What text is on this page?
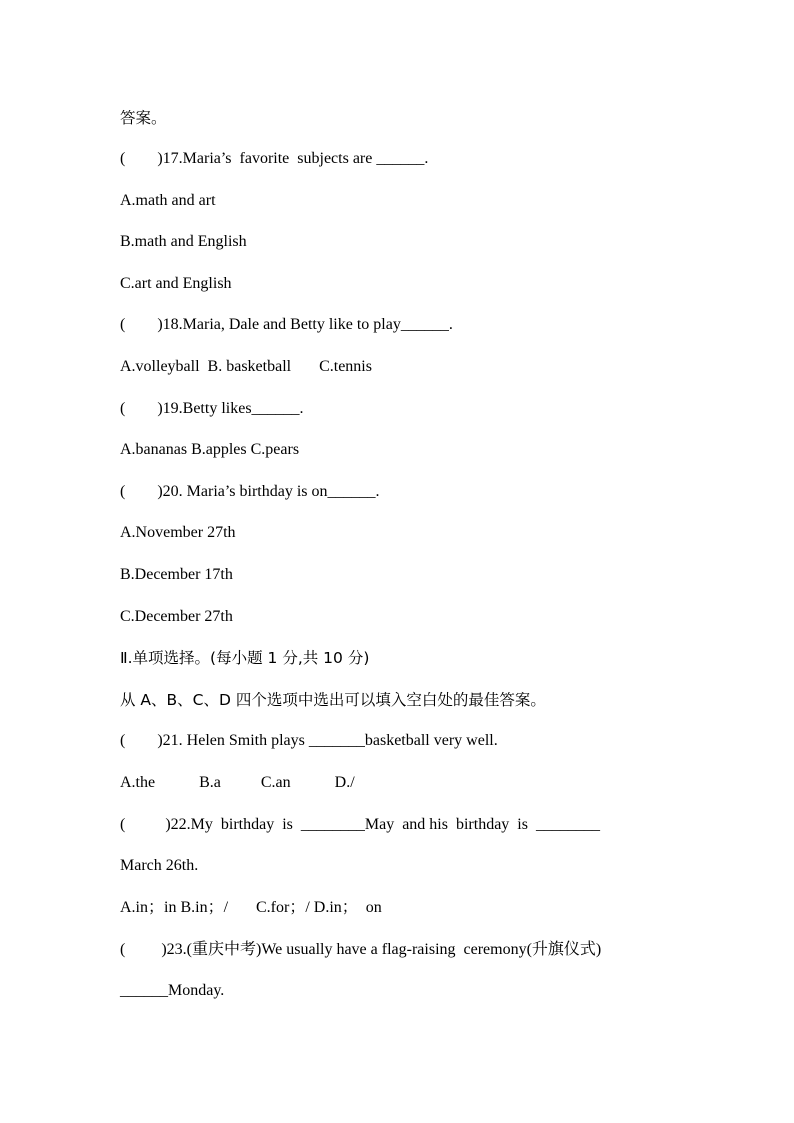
答案。

(        )17.Maria’s  favorite  subjects are ______.

A.math and art

B.math and English

C.art and English

(        )18.Maria, Dale and Betty like to play______.

A.volleyball  B. basketball       C.tennis

(        )19.Betty likes______.

A.bananas B.apples C.pears

(        )20. Maria’s birthday is on______.

A.November 27th

B.December 17th

C.December 27th

Ⅱ.单项选择。(每小题 1 分,共 10 分)

从 A、B、C、D 四个选项中选出可以填入空白处的最佳答案。

(        )21. Helen Smith plays _______basketball very well.

A.the           B.a          C.an           D./

(          )22.My  birthday  is  ________May  and his  birthday  is  ________

March 26th.

A.in；in B.in；/       C.for；/ D.in；  on

(         )23.(重庆中考)We usually have a flag-raising  ceremony(升旗仪式)

______Monday.
